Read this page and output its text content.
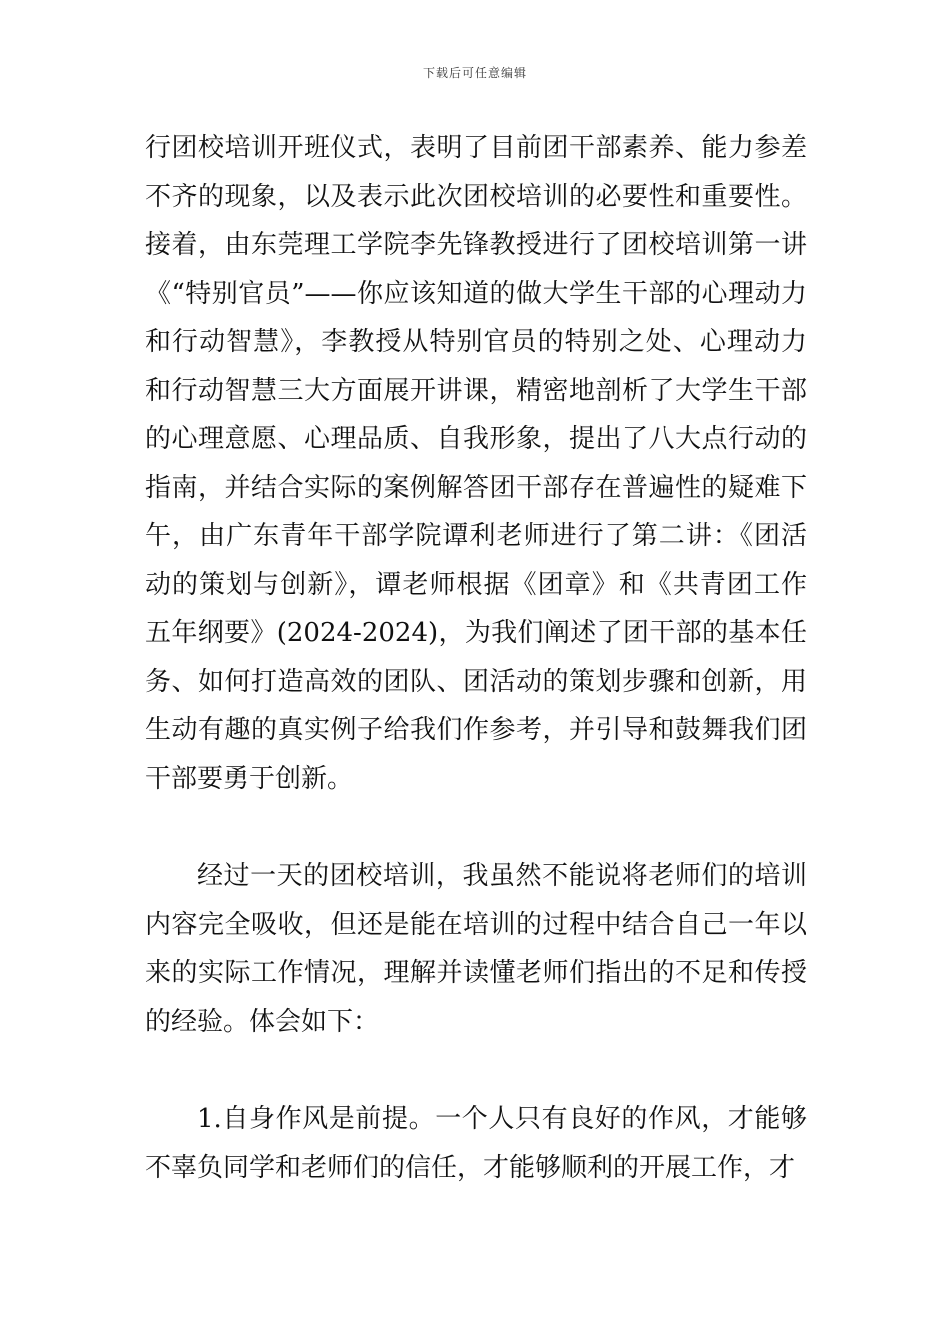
下载后可任意编辑

行团校培训开班仪式，表明了目前团干部素养、能力参差不齐的现象，以及表示此次团校培训的必要性和重要性。接着，由东莞理工学院李先锋教授进行了团校培训第一讲《“特别官员”——你应该知道的做大学生干部的心理动力和行动智慧》，李教授从特别官员的特别之处、心理动力和行动智慧三大方面展开讲课，精密地剖析了大学生干部的心理意愿、心理品质、自我形象，提出了八大点行动的指南，并结合实际的案例解答团干部存在普遍性的疑难下午，由广东青年干部学院谭利老师进行了第二讲：《团活动的策划与创新》，谭老师根据《团章》和《共青团工作五年纲要》(2024-2024)，为我们阐述了团干部的基本任务、如何打造高效的团队、团活动的策划步骤和创新，用生动有趣的真实例子给我们作参考，并引导和鼓舞我们团干部要勇于创新。

经过一天的团校培训，我虽然不能说将老师们的培训内容完全吸收，但还是能在培训的过程中结合自己一年以来的实际工作情况，理解并读懂老师们指出的不足和传授的经验。体会如下：

1.自身作风是前提。一个人只有良好的作风，才能够不辜负同学和老师们的信任，才能够顺利的开展工作，才
